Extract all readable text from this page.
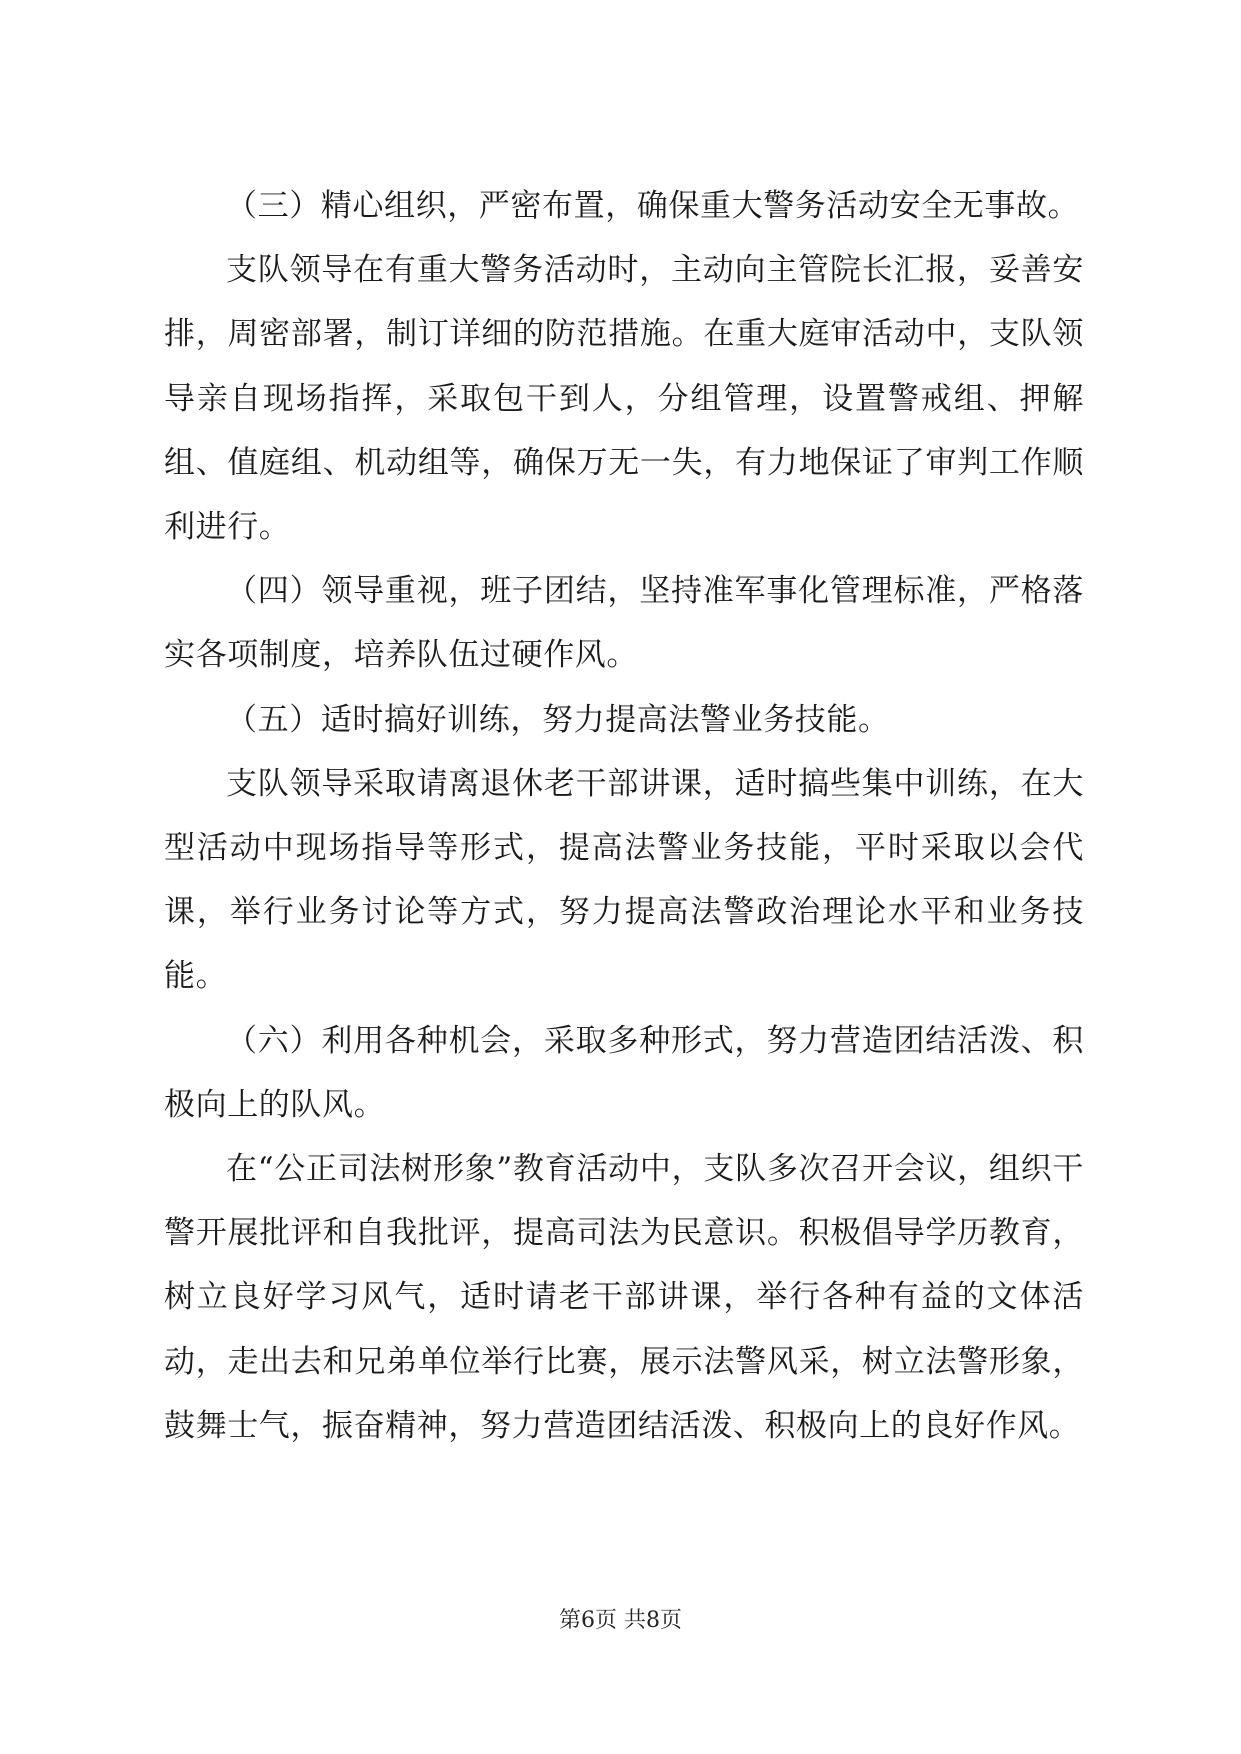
（三）精心组织，严密布置，确保重大警务活动安全无事故。

支队领导在有重大警务活动时，主动向主管院长汇报，妥善安排，周密部署，制订详细的防范措施。在重大庭审活动中，支队领导亲自现场指挥，采取包干到人，分组管理，设置警戒组、押解组、值庭组、机动组等，确保万无一失，有力地保证了审判工作顺利进行。

（四）领导重视，班子团结，坚持准军事化管理标准，严格落实各项制度，培养队伍过硬作风。

（五）适时搞好训练，努力提高法警业务技能。

支队领导采取请离退休老干部讲课，适时搞些集中训练，在大型活动中现场指导等形式，提高法警业务技能，平时采取以会代课，举行业务讨论等方式，努力提高法警政治理论水平和业务技能。

（六）利用各种机会，采取多种形式，努力营造团结活泼、积极向上的队风。

在“公正司法树形象”教育活动中，支队多次召开会议，组织干警开展批评和自我批评，提高司法为民意识。积极倡导学历教育，树立良好学习风气，适时请老干部讲课，举行各种有益的文体活动，走出去和兄弟单位举行比赛，展示法警风采，树立法警形象，鼓舞士气，振奋精神，努力营造团结活泼、积极向上的良好作风。

第6页 共8页
